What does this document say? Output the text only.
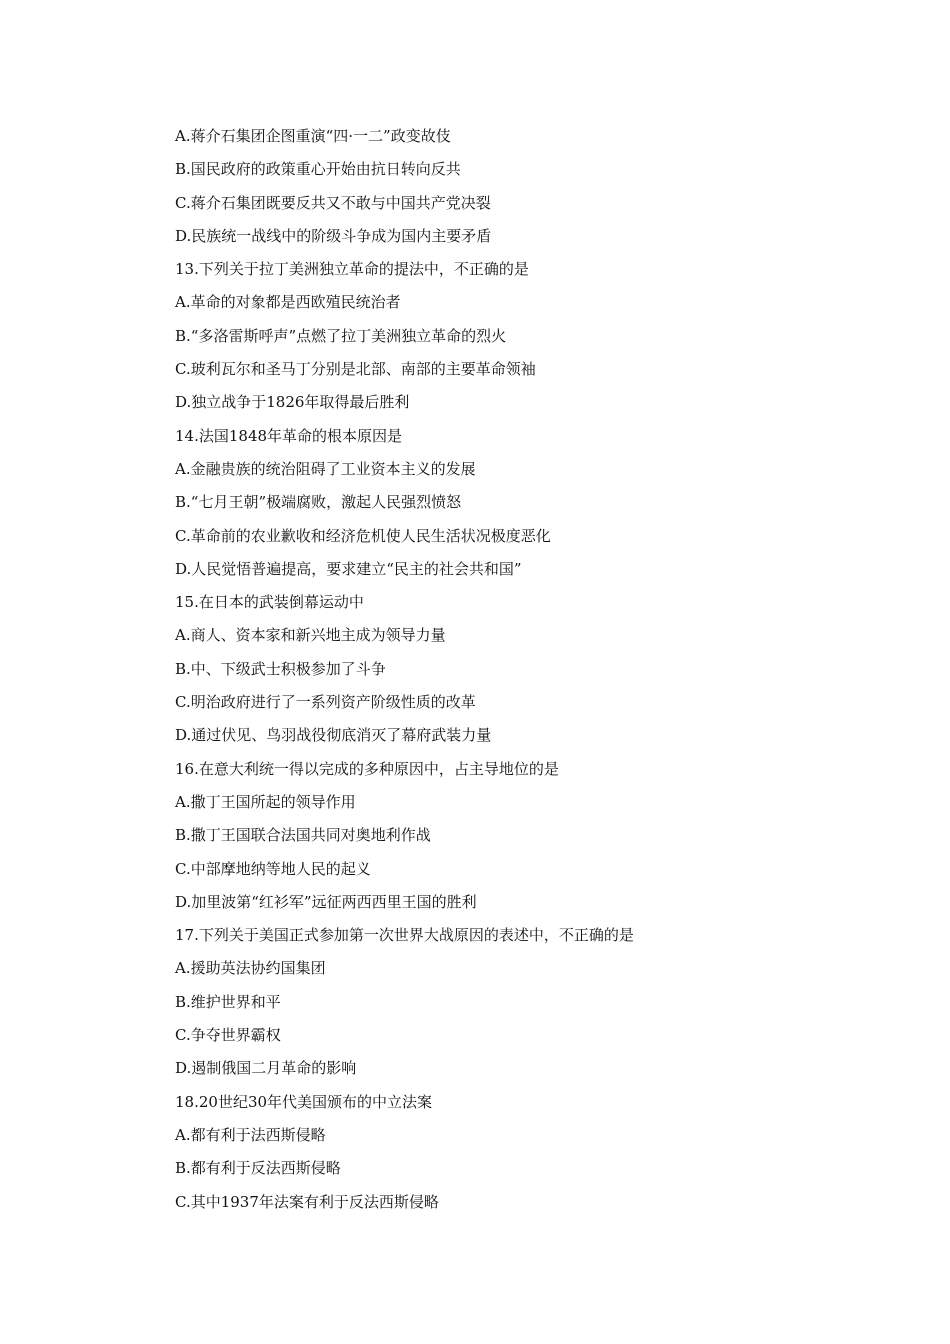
A.蒋介石集团企图重演“四·一二”政变故伎
B.国民政府的政策重心开始由抗日转向反共
C.蒋介石集团既要反共又不敢与中国共产党决裂
D.民族统一战线中的阶级斗争成为国内主要矛盾
13.下列关于拉丁美洲独立革命的提法中，不正确的是
A.革命的对象都是西欧殖民统治者
B.“多洛雷斯呼声”点燃了拉丁美洲独立革命的烈火
C.玻利瓦尔和圣马丁分别是北部、南部的主要革命领袖
D.独立战争于1826年取得最后胜利
14.法国1848年革命的根本原因是
A.金融贵族的统治阻碍了工业资本主义的发展
B.“七月王朝”极端腐败，激起人民强烈愤怒
C.革命前的农业歉收和经济危机使人民生活状况极度恶化
D.人民觉悟普遍提高，要求建立“民主的社会共和国”
15.在日本的武装倒幕运动中
A.商人、资本家和新兴地主成为领导力量
B.中、下级武士积极参加了斗争
C.明治政府进行了一系列资产阶级性质的改革
D.通过伏见、鸟羽战役彻底消灭了幕府武装力量
16.在意大利统一得以完成的多种原因中，占主导地位的是
A.撒丁王国所起的领导作用
B.撒丁王国联合法国共同对奥地利作战
C.中部摩地纳等地人民的起义
D.加里波第“红衫军”远征两西西里王国的胜利
17.下列关于美国正式参加第一次世界大战原因的表述中，不正确的是
A.援助英法协约国集团
B.维护世界和平
C.争夺世界霸权
D.遏制俄国二月革命的影响
18.20世纪30年代美国颁布的中立法案
A.都有利于法西斯侵略
B.都有利于反法西斯侵略
C.其中1937年法案有利于反法西斯侵略
